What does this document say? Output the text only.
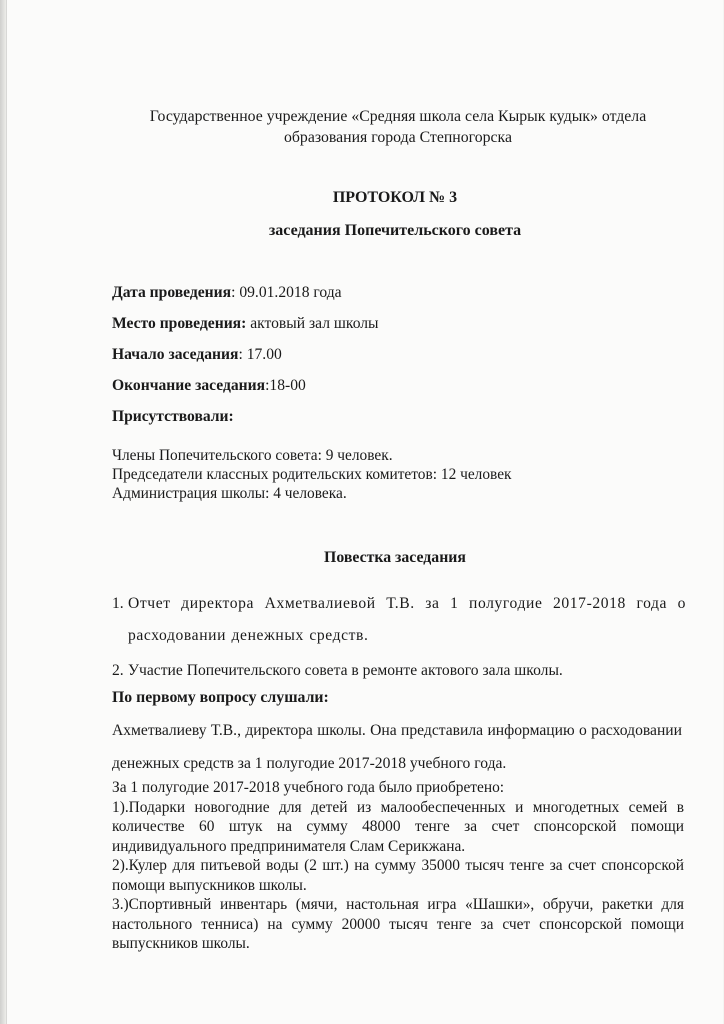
Государственное учреждение «Средняя школа села Кырык кудык» отдела образования города Степногорска
ПРОТОКОЛ № 3
заседания Попечительского совета
Дата проведения: 09.01.2018 года
Место проведения: актовый зал школы
Начало заседания: 17.00
Окончание заседания:18-00
Присутствовали:
Члены Попечительского совета: 9 человек.
Председатели классных родительских комитетов: 12 человек
Администрация школы: 4 человека.
Повестка заседания
1. Отчет директора Ахметвалиевой Т.В. за 1 полугодие 2017-2018 года о расходовании денежных средств.
2. Участие Попечительского совета в ремонте актового зала школы.
По первому вопросу слушали:
Ахметвалиеву Т.В., директора школы. Она представила информацию о расходовании денежных средств за 1 полугодие 2017-2018 учебного года.

За 1 полугодие 2017-2018 учебного года было приобретено:

1).Подарки новогодние для детей из малообеспеченных и многодетных семей в количестве 60 штук на сумму 48000 тенге за счет спонсорской помощи индивидуального предпринимателя Слам Серикжана.

2).Кулер для питьевой воды (2 шт.) на сумму 35000 тысяч тенге за счет спонсорской помощи выпускников школы.

3.)Спортивный инвентарь (мячи, настольная игра «Шашки», обручи, ракетки для настольного тенниса) на сумму 20000 тысяч тенге за счет спонсорской помощи выпускников школы.
